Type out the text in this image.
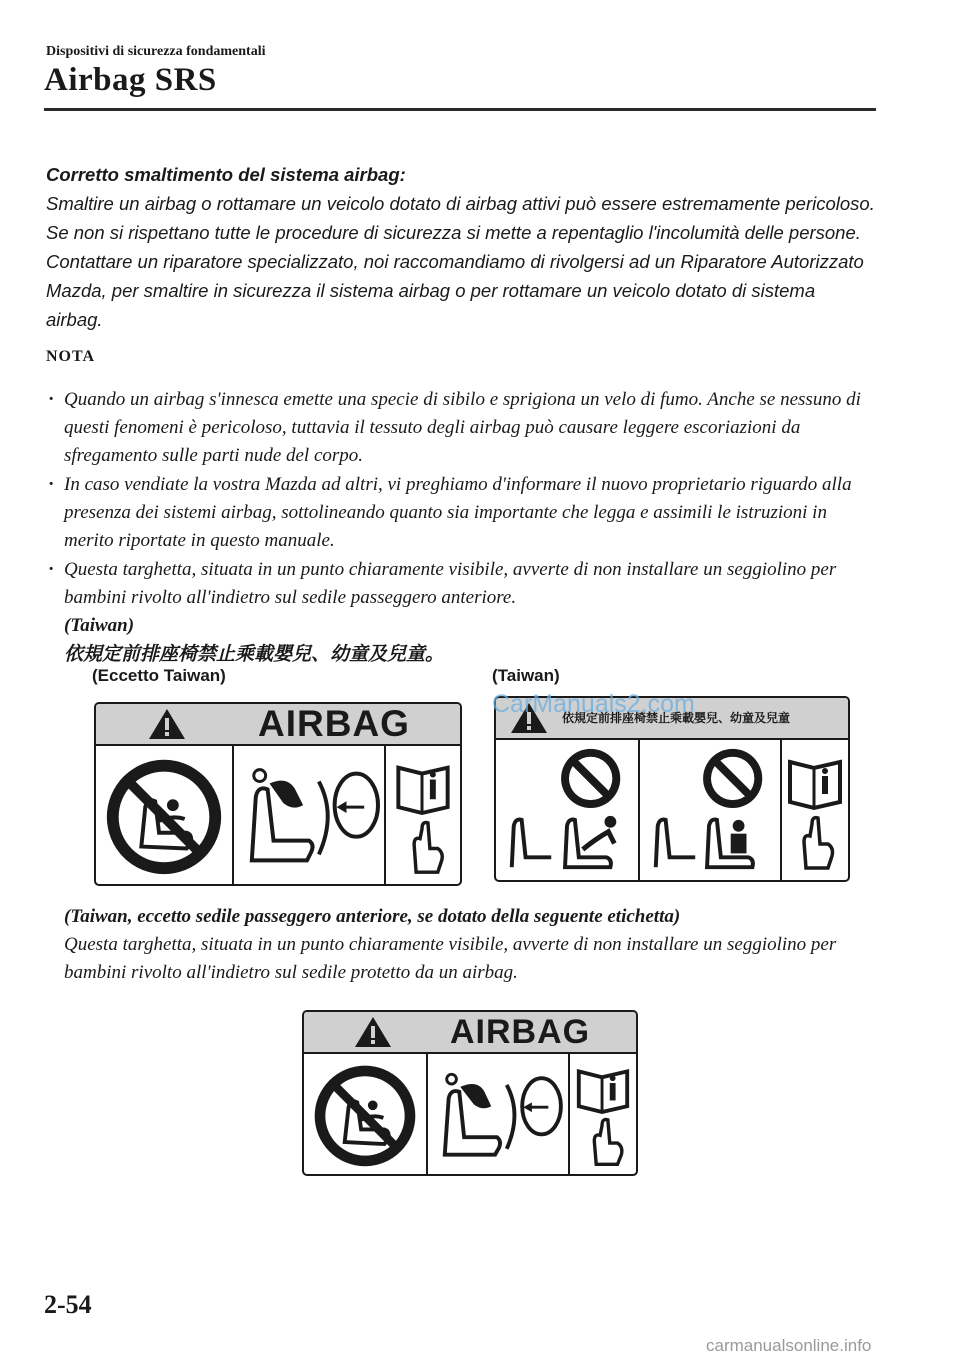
Dispositivi di sicurezza fondamentali
Airbag SRS
Corretto smaltimento del sistema airbag:
Smaltire un airbag o rottamare un veicolo dotato di airbag attivi può essere estremamente pericoloso. Se non si rispettano tutte le procedure di sicurezza si mette a repentaglio l'incolumità delle persone. Contattare un riparatore specializzato, noi raccomandiamo di rivolgersi ad un Riparatore Autorizzato Mazda, per smaltire in sicurezza il sistema airbag o per rottamare un veicolo dotato di sistema airbag.
NOTA
· Quando un airbag s'innesca emette una specie di sibilo e sprigiona un velo di fumo. Anche se nessuno di questi fenomeni è pericoloso, tuttavia il tessuto degli airbag può causare leggere escoriazioni da sfregamento sulle parti nude del corpo.
· In caso vendiate la vostra Mazda ad altri, vi preghiamo d'informare il nuovo proprietario riguardo alla presenza dei sistemi airbag, sottolineando quanto sia importante che legga e assimili le istruzioni in merito riportate in questo manuale.
· Questa targhetta, situata in un punto chiaramente visibile, avverte di non installare un seggiolino per bambini rivolto all'indietro sul sedile passeggero anteriore.
(Taiwan)
依規定前排座椅禁止乘載嬰兒、幼童及兒童。
(Eccetto Taiwan)	(Taiwan)
AIRBAG	依規定前排座椅禁止乘載嬰兒、幼童及兒童
CarManuals2.com
(Taiwan, eccetto sedile passeggero anteriore, se dotato della seguente etichetta)
Questa targhetta, situata in un punto chiaramente visibile, avverte di non installare un seggiolino per bambini rivolto all'indietro sul sedile protetto da un airbag.
AIRBAG
2-54
carmanualsonline.info
